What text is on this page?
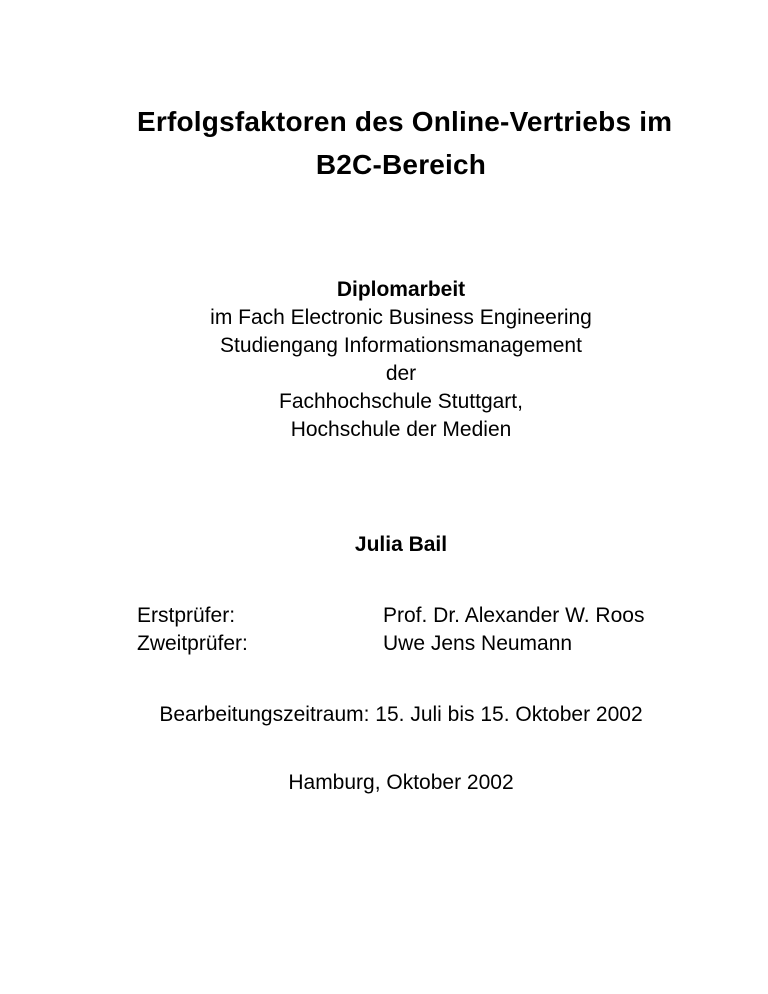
Erfolgsfaktoren des Online-Vertriebs im
B2C-Bereich
Diplomarbeit
im Fach Electronic Business Engineering
Studiengang Informationsmanagement
der
Fachhochschule Stuttgart,
Hochschule der Medien
Julia Bail
Erstprüfer:	Prof. Dr. Alexander W. Roos
Zweitprüfer:	Uwe Jens Neumann
Bearbeitungszeitraum: 15. Juli bis 15. Oktober 2002
Hamburg, Oktober 2002
